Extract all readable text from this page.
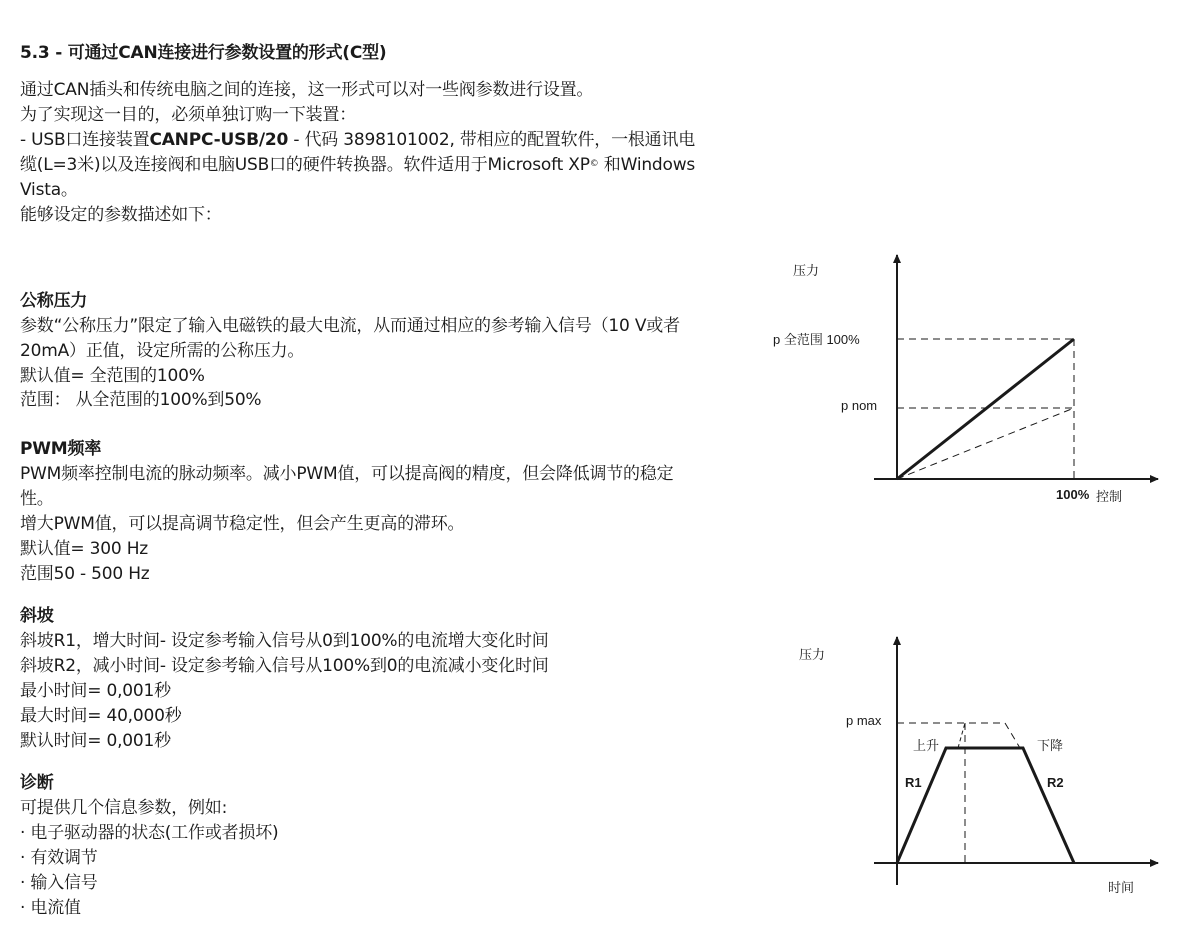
5.3 - 可通过CAN连接进行参数设置的形式(C型)
通过CAN插头和传统电脑之间的连接，这一形式可以对一些阀参数进行设置。
为了实现这一目的，必须单独订购一下装置：
- USB口连接装置CANPC-USB/20 - 代码 3898101002, 带相应的配置软件，一根通讯电
缆(L=3米)以及连接阀和电脑USB口的硬件转换器。软件适用于Microsoft XP© 和Windows
Vista。
能够设定的参数描述如下：
公称压力
参数“公称压力”限定了输入电磁铁的最大电流，从而通过相应的参考输入信号（10 V或者
20mA）正值，设定所需的公称压力。
默认值= 全范围的100%
范围： 从全范围的100%到50%
PWM频率
PWM频率控制电流的脉动频率。减小PWM值，可以提高阀的精度，但会降低调节的稳定
性。
增大PWM值，可以提高调节稳定性，但会产生更高的滞环。
默认值= 300 Hz
范围50 - 500 Hz
斜坡
斜坡R1，增大时间- 设定参考输入信号从0到100%的电流增大变化时间
斜坡R2，减小时间- 设定参考输入信号从100%到0的电流减小变化时间
最小时间= 0,001秒
最大时间= 40,000秒
默认时间= 0,001秒
诊断
可提供几个信息参数，例如:
· 电子驱动器的状态(工作或者损坏)
· 有效调节
· 输入信号
· 电流值
压力
p 全范围 100%
p nom
100% 控制
压力
p max
上升	下降
R1	R2
时间
